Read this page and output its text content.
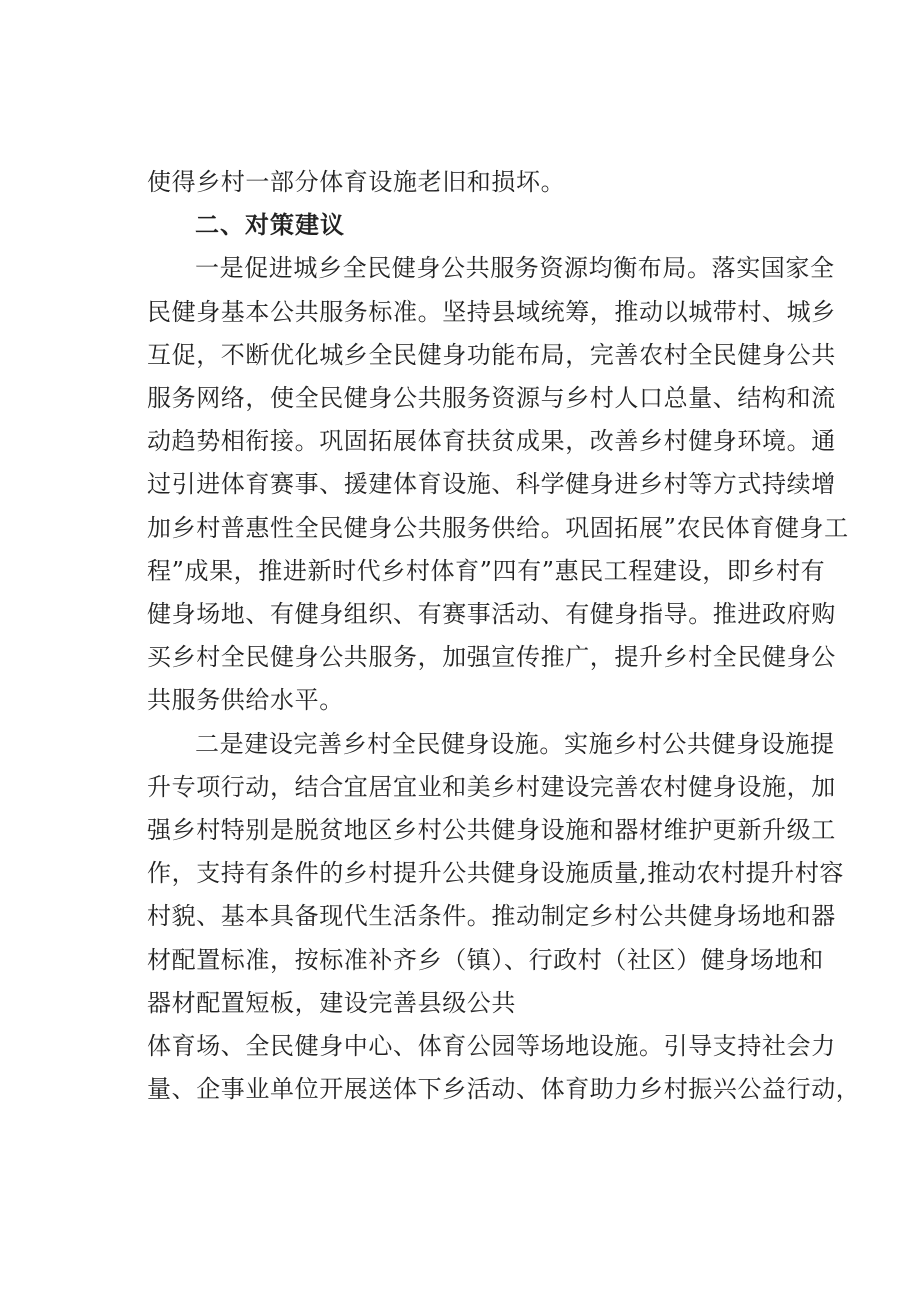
使得乡村一部分体育设施老旧和损坏。
二、对策建议
一是促进城乡全民健身公共服务资源均衡布局。落实国家全
民健身基本公共服务标准。坚持县域统筹，推动以城带村、城乡
互促，不断优化城乡全民健身功能布局，完善农村全民健身公共
服务网络，使全民健身公共服务资源与乡村人口总量、结构和流
动趋势相衔接。巩固拓展体育扶贫成果，改善乡村健身环境。通
过引进体育赛事、援建体育设施、科学健身进乡村等方式持续增
加乡村普惠性全民健身公共服务供给。巩固拓展”农民体育健身工
程”成果，推进新时代乡村体育”四有”惠民工程建设，即乡村有
健身场地、有健身组织、有赛事活动、有健身指导。推进政府购
买乡村全民健身公共服务，加强宣传推广，提升乡村全民健身公
共服务供给水平。
二是建设完善乡村全民健身设施。实施乡村公共健身设施提
升专项行动，结合宜居宜业和美乡村建设完善农村健身设施，加
强乡村特别是脱贫地区乡村公共健身设施和器材维护更新升级工
作，支持有条件的乡村提升公共健身设施质量,推动农村提升村容
村貌、基本具备现代生活条件。推动制定乡村公共健身场地和器
材配置标准，按标准补齐乡（镇）、行政村（社区）健身场地和
器材配置短板，建设完善县级公共
体育场、全民健身中心、体育公园等场地设施。引导支持社会力
量、企事业单位开展送体下乡活动、体育助力乡村振兴公益行动，
